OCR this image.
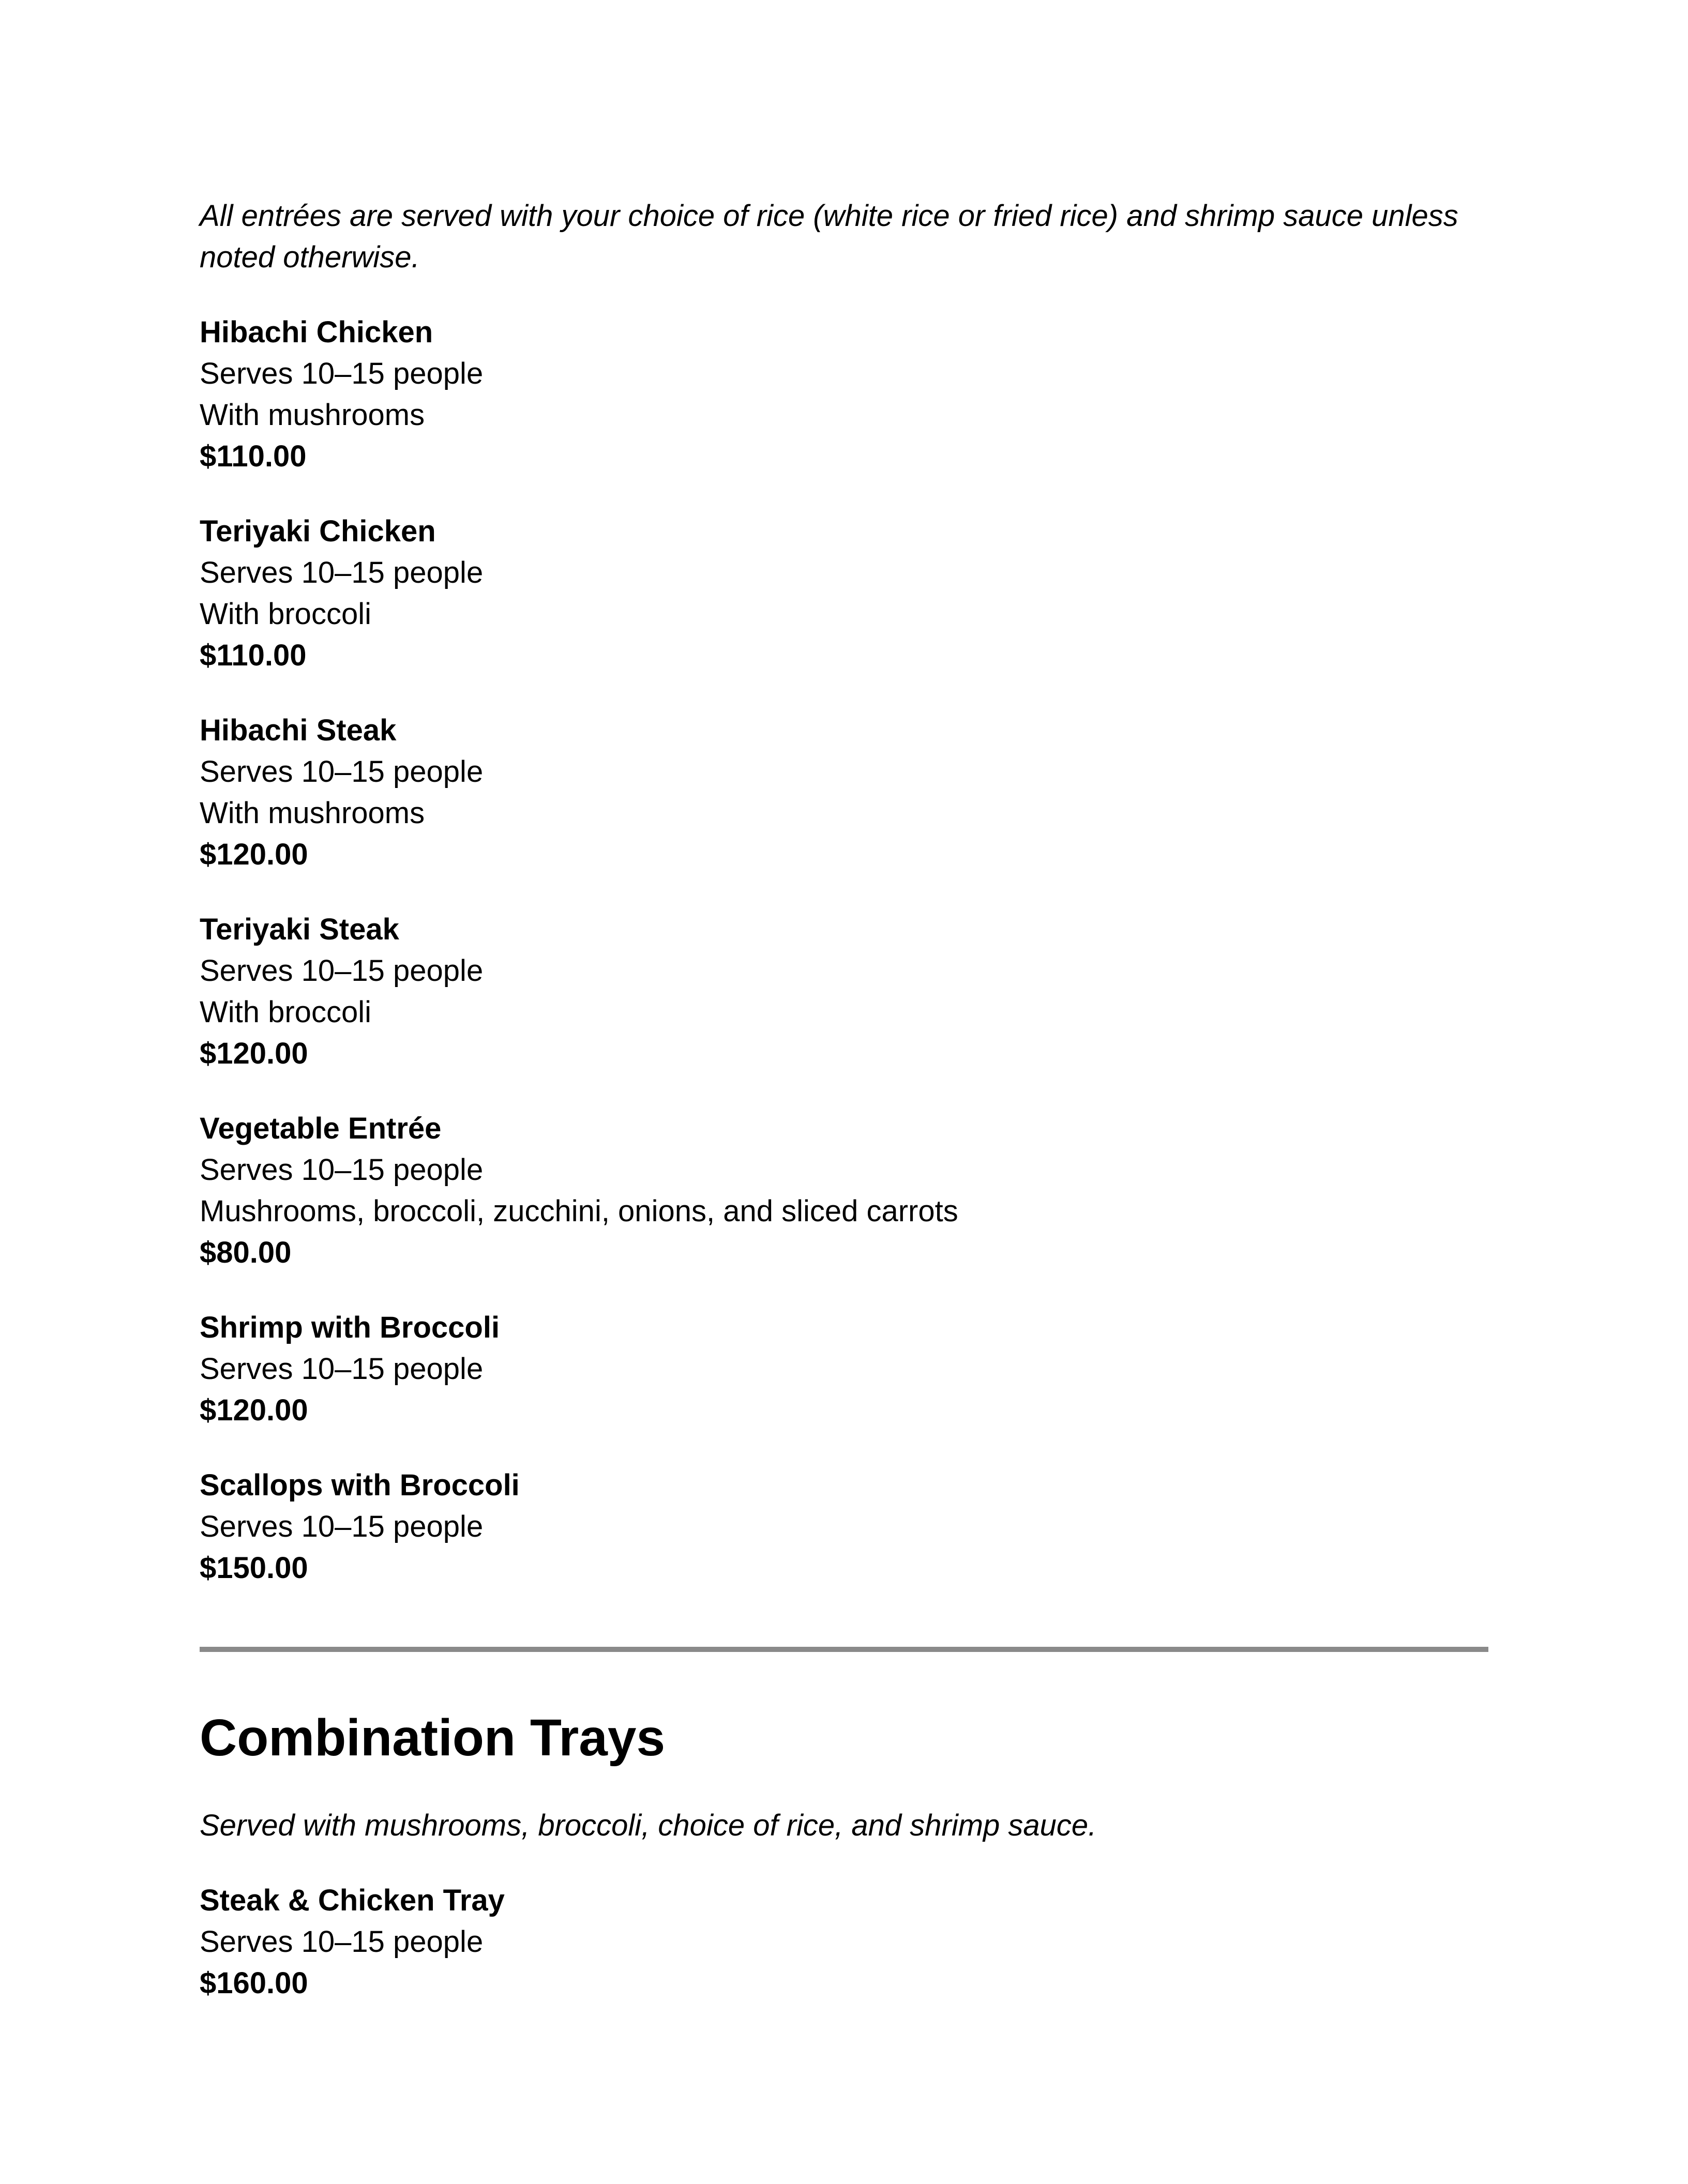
All entrées are served with your choice of rice (white rice or fried rice) and shrimp sauce unless noted otherwise.

Hibachi Chicken
Serves 10–15 people
With mushrooms
$110.00
Teriyaki Chicken
Serves 10–15 people
With broccoli
$110.00
Hibachi Steak
Serves 10–15 people
With mushrooms
$120.00
Teriyaki Steak
Serves 10–15 people
With broccoli
$120.00
Vegetable Entrée
Serves 10–15 people
Mushrooms, broccoli, zucchini, onions, and sliced carrots
$80.00
Shrimp with Broccoli
Serves 10–15 people
$120.00
Scallops with Broccoli
Serves 10–15 people
$150.00
Combination Trays

Served with mushrooms, broccoli, choice of rice, and shrimp sauce.

Steak & Chicken Tray
Serves 10–15 people
$160.00
